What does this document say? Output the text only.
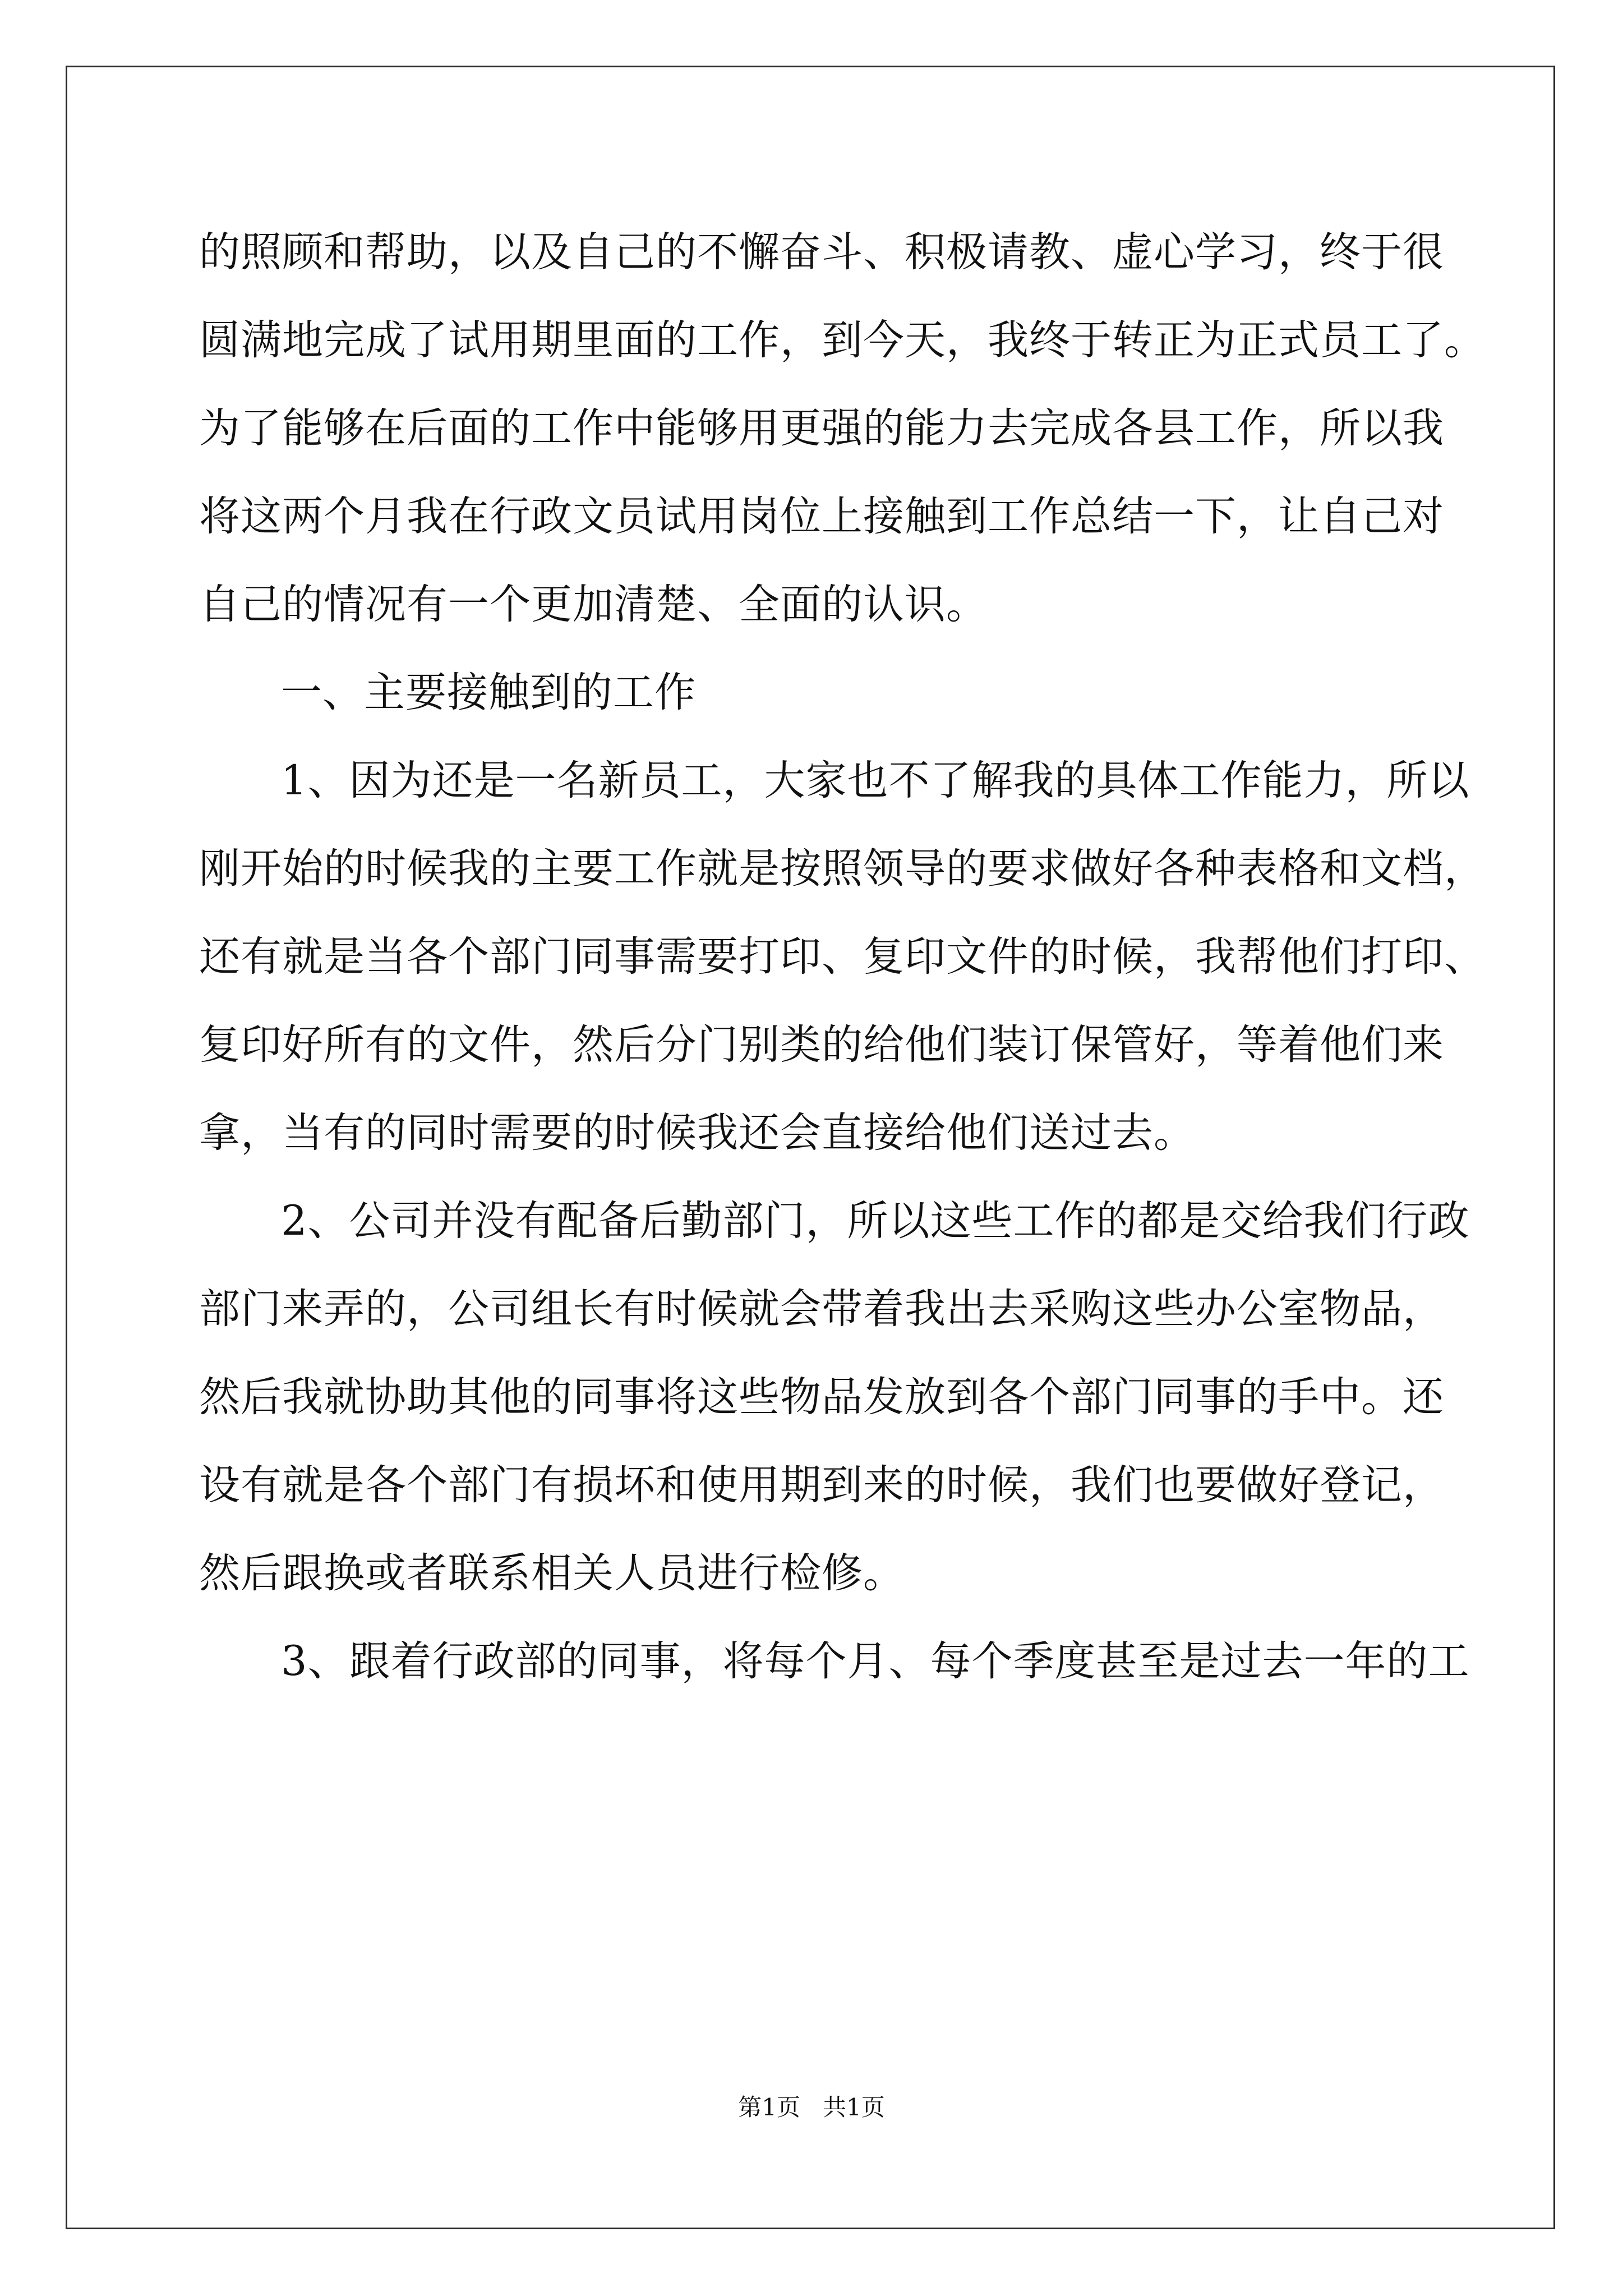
的照顾和帮助，以及自己的不懈奋斗、积极请教、虚心学习，终于很
圆满地完成了试用期里面的工作，到今天，我终于转正为正式员工了。
为了能够在后面的工作中能够用更强的能力去完成各县工作，所以我
将这两个月我在行政文员试用岗位上接触到工作总结一下，让自己对
自己的情况有一个更加清楚、全面的认识。
一、主要接触到的工作
1、因为还是一名新员工，大家也不了解我的具体工作能力，所以
刚开始的时候我的主要工作就是按照领导的要求做好各种表格和文档，
还有就是当各个部门同事需要打印、复印文件的时候，我帮他们打印、
复印好所有的文件，然后分门别类的给他们装订保管好，等着他们来
拿，当有的同时需要的时候我还会直接给他们送过去。
2、公司并没有配备后勤部门，所以这些工作的都是交给我们行政
部门来弄的，公司组长有时候就会带着我出去采购这些办公室物品，
然后我就协助其他的同事将这些物品发放到各个部门同事的手中。还
设有就是各个部门有损坏和使用期到来的时候，我们也要做好登记，
然后跟换或者联系相关人员进行检修。
3、跟着行政部的同事，将每个月、每个季度甚至是过去一年的工
第1页   共1页
